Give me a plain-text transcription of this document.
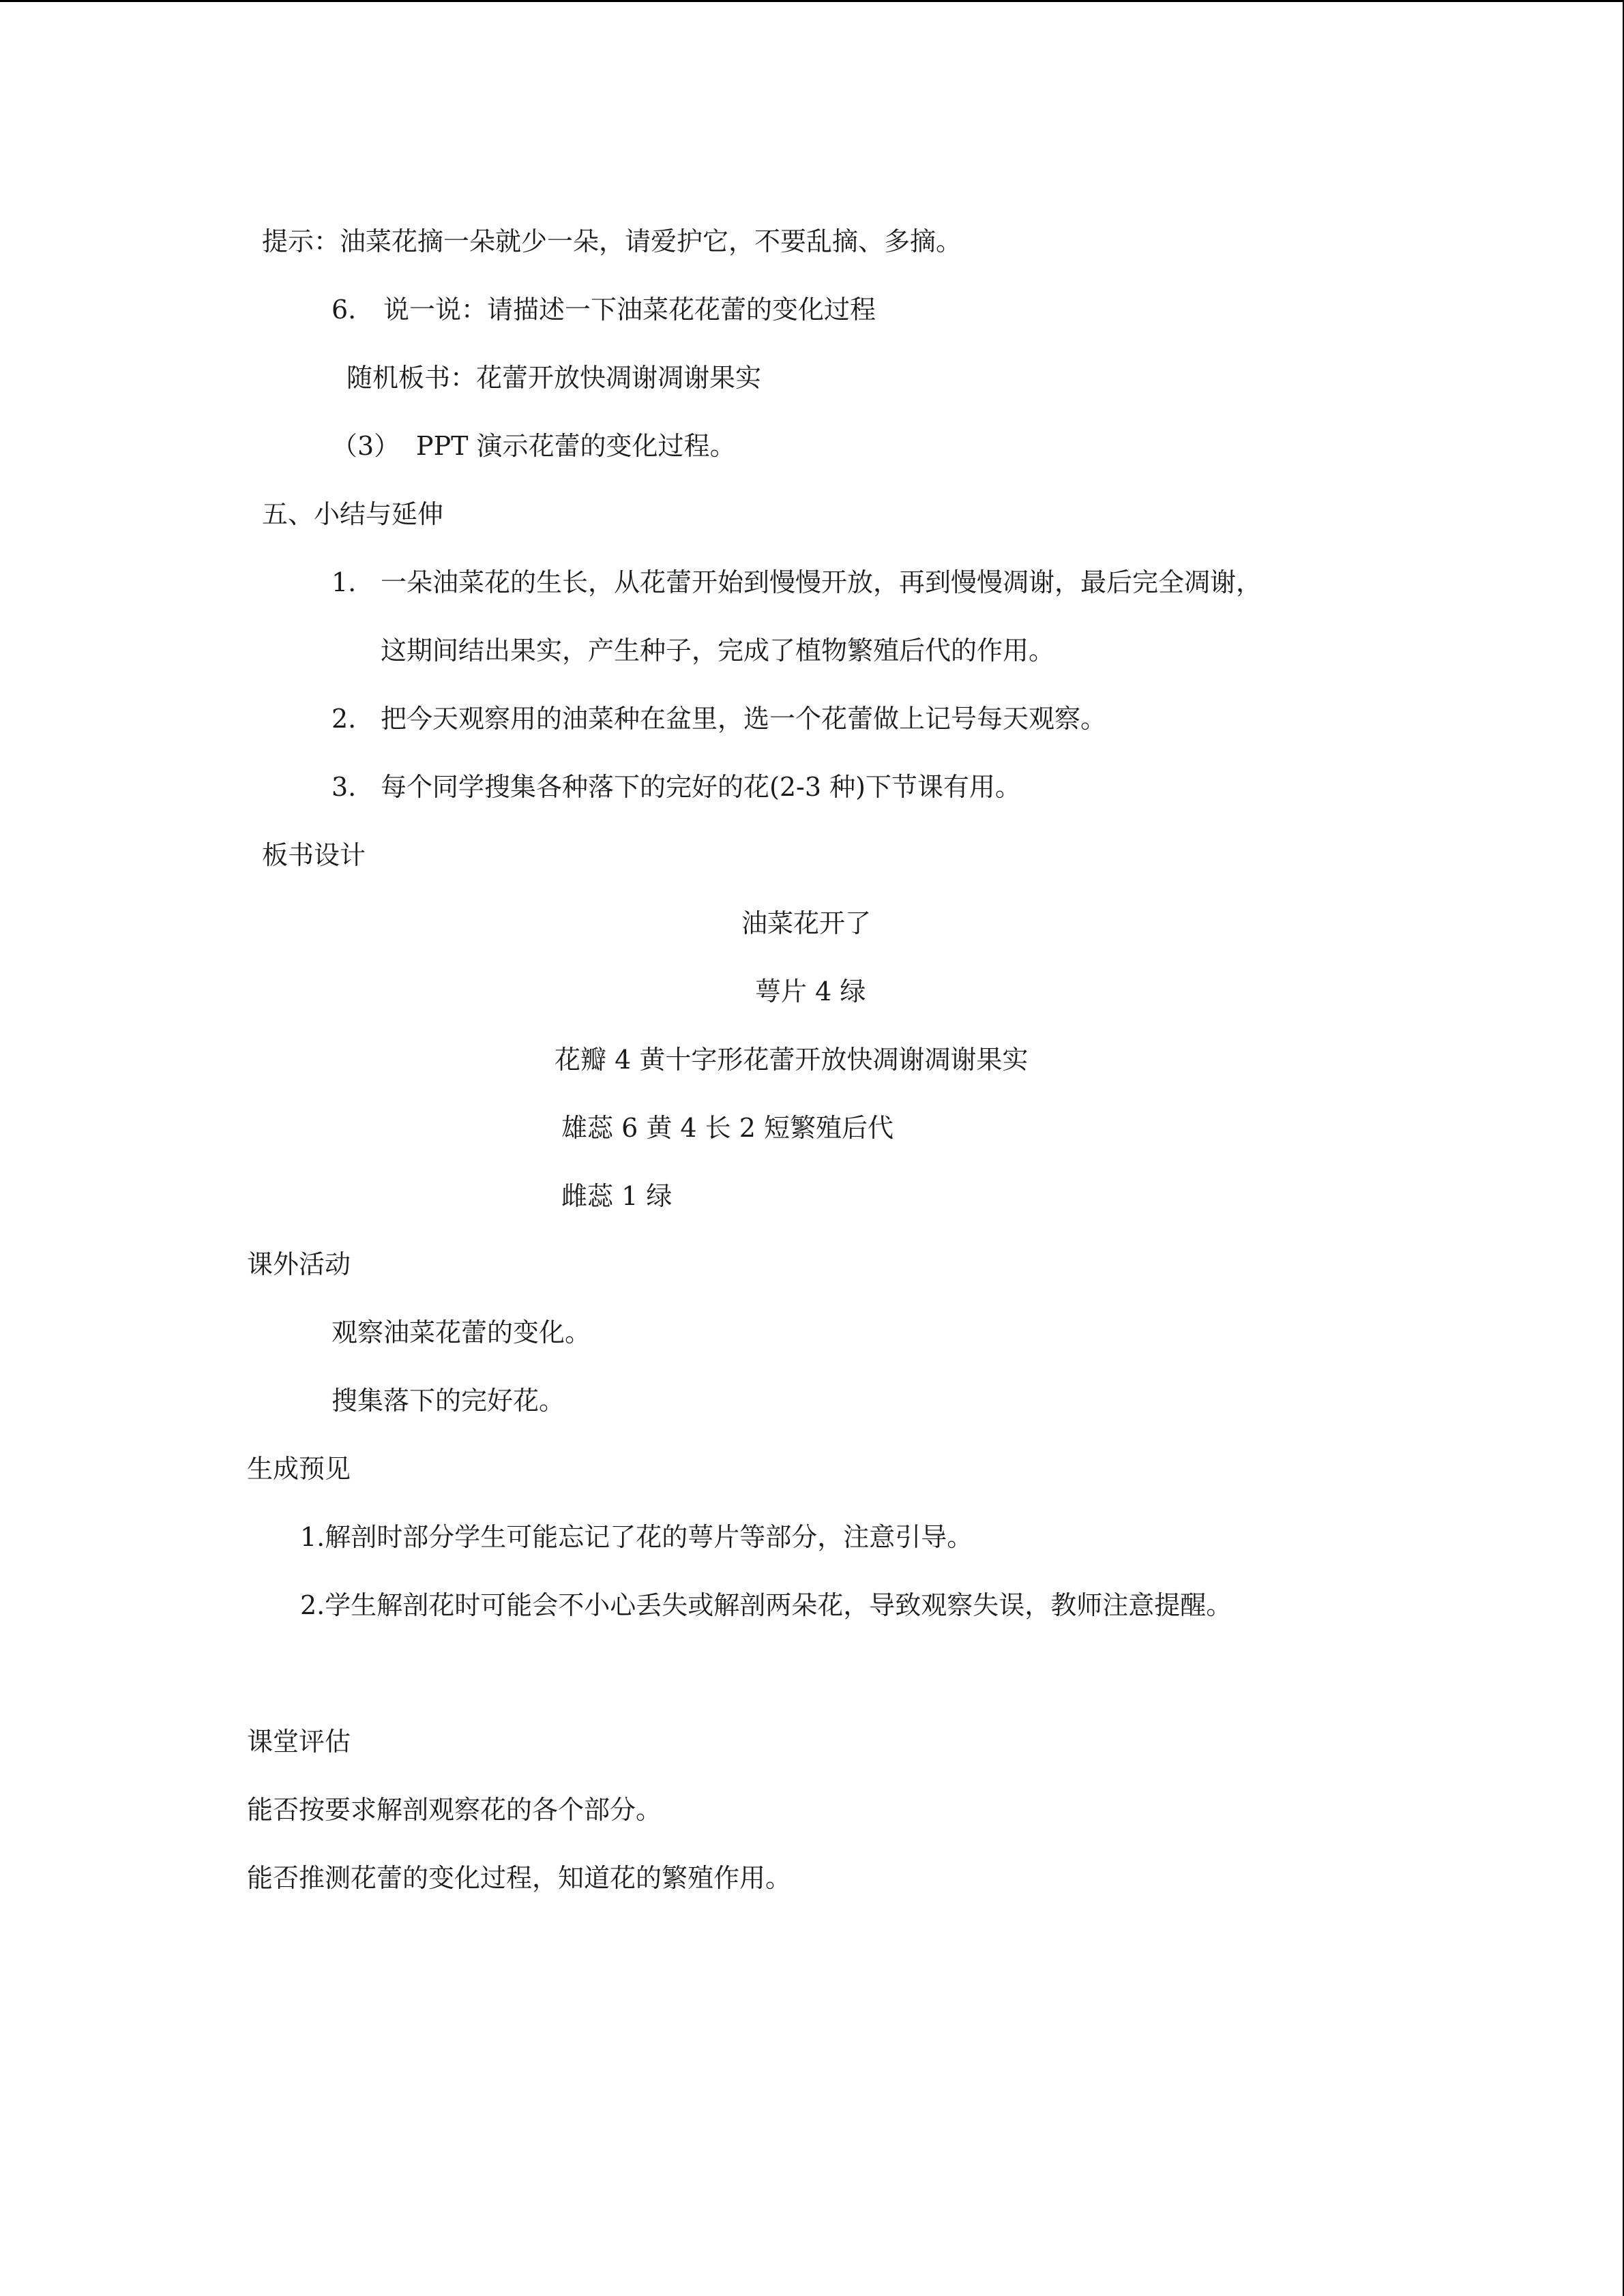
提示：油菜花摘一朵就少一朵，请爱护它，不要乱摘、多摘。
6. 说一说：请描述一下油菜花花蕾的变化过程
随机板书：花蕾开放快凋谢凋谢果实
（3） PPT 演示花蕾的变化过程。
五、小结与延伸
1. 一朵油菜花的生长，从花蕾开始到慢慢开放，再到慢慢凋谢，最后完全凋谢，
这期间结出果实，产生种子，完成了植物繁殖后代的作用。
2. 把今天观察用的油菜种在盆里，选一个花蕾做上记号每天观察。
3. 每个同学搜集各种落下的完好的花(2-3 种)下节课有用。
板书设计
油菜花开了
萼片 4 绿
花瓣 4 黄十字形花蕾开放快凋谢凋谢果实
雄蕊 6 黄 4 长 2 短繁殖后代
雌蕊 1 绿
课外活动
观察油菜花蕾的变化。
搜集落下的完好花。
生成预见
1.解剖时部分学生可能忘记了花的萼片等部分，注意引导。
2.学生解剖花时可能会不小心丢失或解剖两朵花，导致观察失误，教师注意提醒。
课堂评估
能否按要求解剖观察花的各个部分。
能否推测花蕾的变化过程，知道花的繁殖作用。
